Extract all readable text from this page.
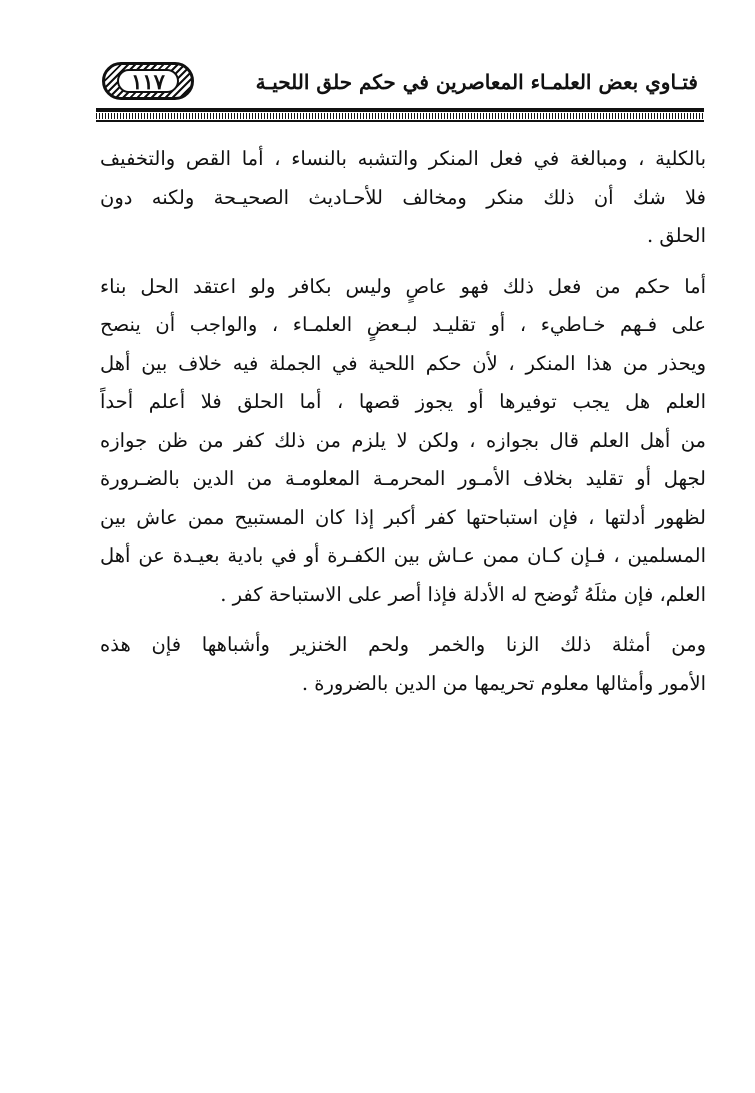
١١٧	فتـاوي بعض العلمـاء المعاصرين في حكم حلق اللحيـة
بالكلية ، ومبالغة في فعل المنكر والتشبه بالنساء ، أما القص والتخفيف
فلا شك أن ذلك منكر ومخالف للأحـاديث الصحيـحة ولكنه دون
الحلق .
أما حكم من فعل ذلك فهو عاصٍ وليس بكافر ولو اعتقد الحل بناء
على فـهم خـاطيء ، أو تقليـد لبـعضٍ العلمـاء ، والواجب أن ينصح
ويحذر من هذا المنكر ، لأن حكم اللحية في الجملة فيه خلاف بين أهل
العلم هل يجب توفيرها أو يجوز قصها ، أما الحلق فلا أعلم أحداً
من أهل العلم قال بجوازه ، ولكن لا يلزم من ذلك كفر من ظن جوازه
لجهل أو تقليد بخلاف الأمـور المحرمـة المعلومـة من الدين بالضـرورة
لظهور أدلتها ، فإن استباحتها كفر أكبر إذا كان المستبيح ممن عاش بين
المسلمين ، فـإن كـان ممن عـاش بين الكفـرة أو في بادية بعيـدة عن أهل
العلم، فإن مثلَهُ تُوضح له الأدلة فإذا أصر على الاستباحة كفر .
ومن أمثلة ذلك الزنا والخمر ولحم الخنزير وأشباهها فإن هذه
الأمور وأمثالها معلوم تحريمها من الدين بالضرورة .
